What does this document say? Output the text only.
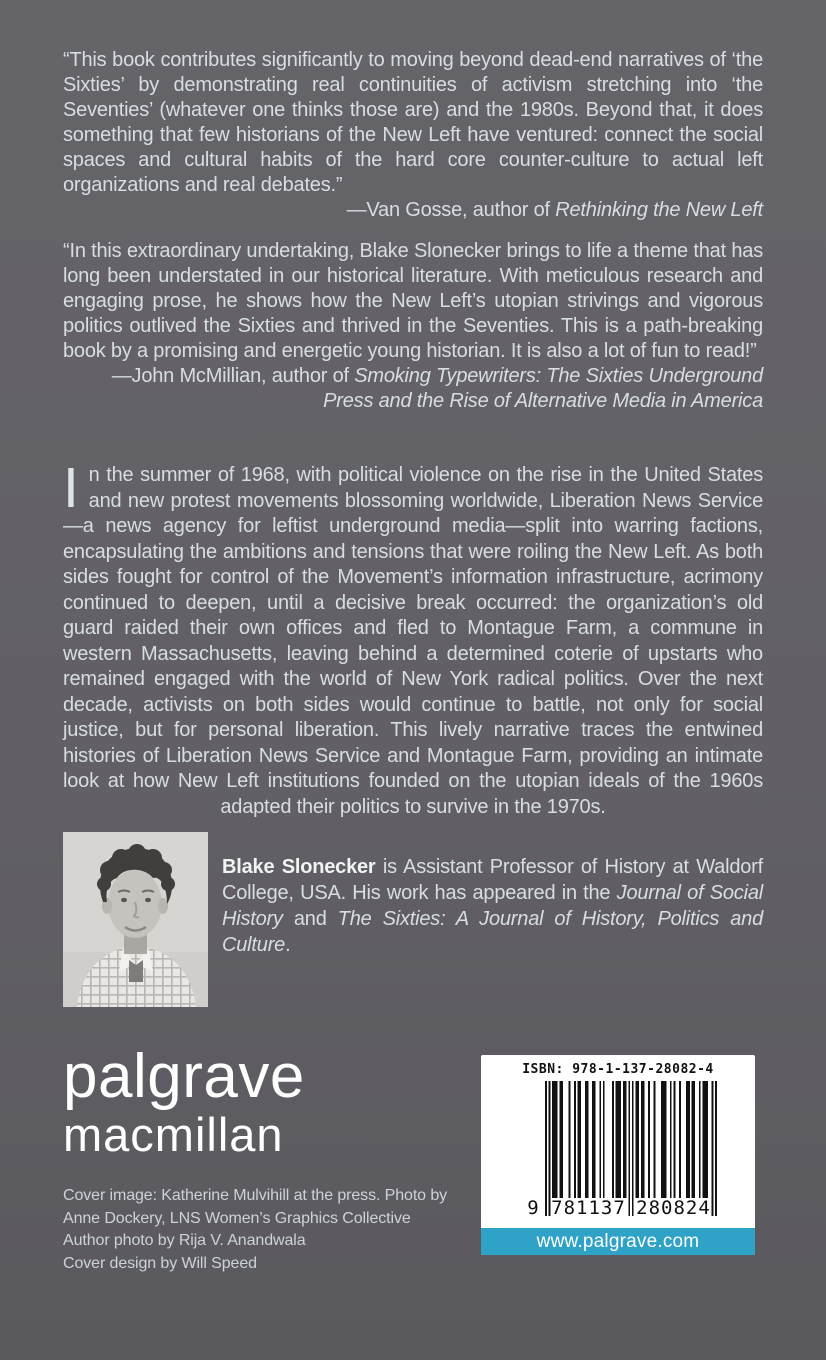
“This book contributes significantly to moving beyond dead-end narratives of ‘the Sixties’ by demonstrating real continuities of activism stretching into ‘the Seventies’ (whatever one thinks those are) and the 1980s. Beyond that, it does something that few historians of the New Left have ventured: connect the social spaces and cultural habits of the hard core counter-culture to actual left organizations and real debates.”

—Van Gosse, author of Rethinking the New Left

“In this extraordinary undertaking, Blake Slonecker brings to life a theme that has long been understated in our historical literature. With meticulous research and engaging prose, he shows how the New Left’s utopian strivings and vigorous politics outlived the Sixties and thrived in the Seventies. This is a path-breaking book by a promising and energetic young historian. It is also a lot of fun to read!”

—John McMillian, author of Smoking Typewriters: The Sixties Underground Press and the Rise of Alternative Media in America

In the summer of 1968, with political violence on the rise in the United States and new protest movements blossoming worldwide, Liberation News Service—a news agency for leftist underground media—split into warring factions, encapsulating the ambitions and tensions that were roiling the New Left. As both sides fought for control of the Movement’s information infrastructure, acrimony continued to deepen, until a decisive break occurred: the organization’s old guard raided their own offices and fled to Montague Farm, a commune in western Massachusetts, leaving behind a determined coterie of upstarts who remained engaged with the world of New York radical politics. Over the next decade, activists on both sides would continue to battle, not only for social justice, but for personal liberation. This lively narrative traces the entwined histories of Liberation News Service and Montague Farm, providing an intimate look at how New Left institutions founded on the utopian ideals of the 1960s adapted their politics to survive in the 1970s.

Blake Slonecker is Assistant Professor of History at Waldorf College, USA. His work has appeared in the Journal of Social History and The Sixties: A Journal of History, Politics and Culture.

palgrave
macmillan
Cover image: Katherine Mulvihill at the press. Photo by
Anne Dockery, LNS Women’s Graphics Collective
Author photo by Rija V. Anandwala
Cover design by Will Speed
ISBN: 978-1-137-28082-4
9 781137 280824
www.palgrave.com
